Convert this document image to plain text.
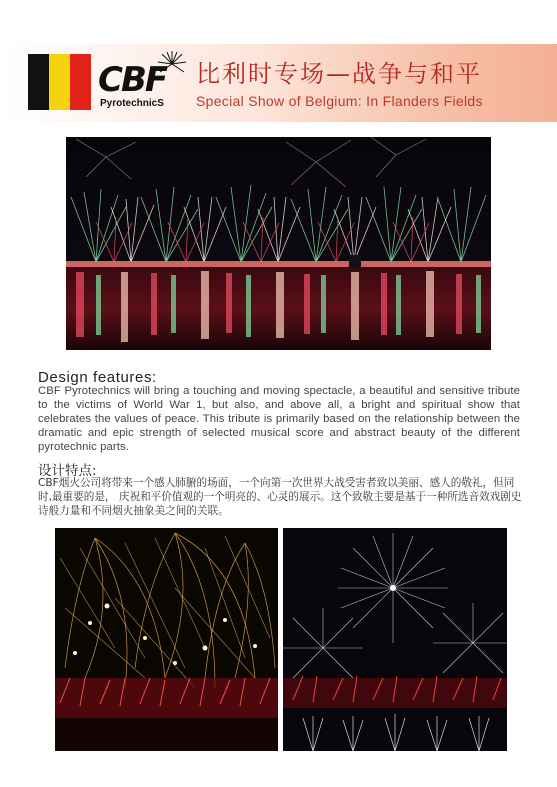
CBF
PyrotechnicS
比利时专场—战争与和平
Special Show of Belgium: In Flanders Fields
Design features:

CBF Pyrotechnics will bring a touching and moving spectacle, a beautiful and sensitive tribute to the victims of World War 1, but also, and above all, a bright and spiritual show that celebrates the values of peace. This tribute is primarily based on the relationship between the dramatic and epic strength of selected musical score and abstract beauty of the different pyrotechnic parts.

设计特点:

CBF烟火公司将带来一个感人肺腑的场面，一个向第一次世界大战受害者致以美丽、感人的敬礼，但同时,最重要的是， 庆祝和平价值观的一个明亮的、心灵的展示。这个致敬主要是基于一种所选音效戏剧史诗般力量和不同烟火抽象美之间的关联。
